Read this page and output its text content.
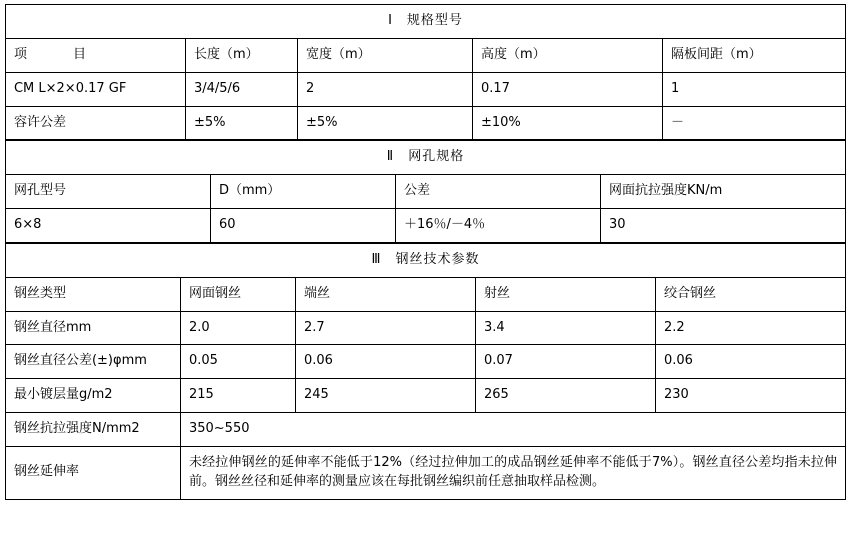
Ⅰ 规格型号				
项 目	长度（m）	宽度（m）	高度（m）	隔板间距（m）
CM L×2×0.17 GF	3/4/5/6	2	0.17	1
容许公差	±5%	±5%	±10%	－
Ⅱ 网孔规格			
网孔型号	D（mm）	公差	网面抗拉强度KN/m
6×8	60	＋16％/－4％	30
Ⅲ 钢丝技术参数				
钢丝类型	网面钢丝	端丝	射丝	绞合钢丝
钢丝直径mm	2.0	2.7	3.4	2.2
钢丝直径公差(±)φmm	0.05	0.06	0.07	0.06
最小镀层量g/m2	215	245	265	230
钢丝抗拉强度N/mm2	350~550			
钢丝延伸率	未经拉伸钢丝的延伸率不能低于12%（经过拉伸加工的成品钢丝延伸率不能低于7%）。钢丝直径公差均指未拉伸前。钢丝丝径和延伸率的测量应该在每批钢丝编织前任意抽取样品检测。			
